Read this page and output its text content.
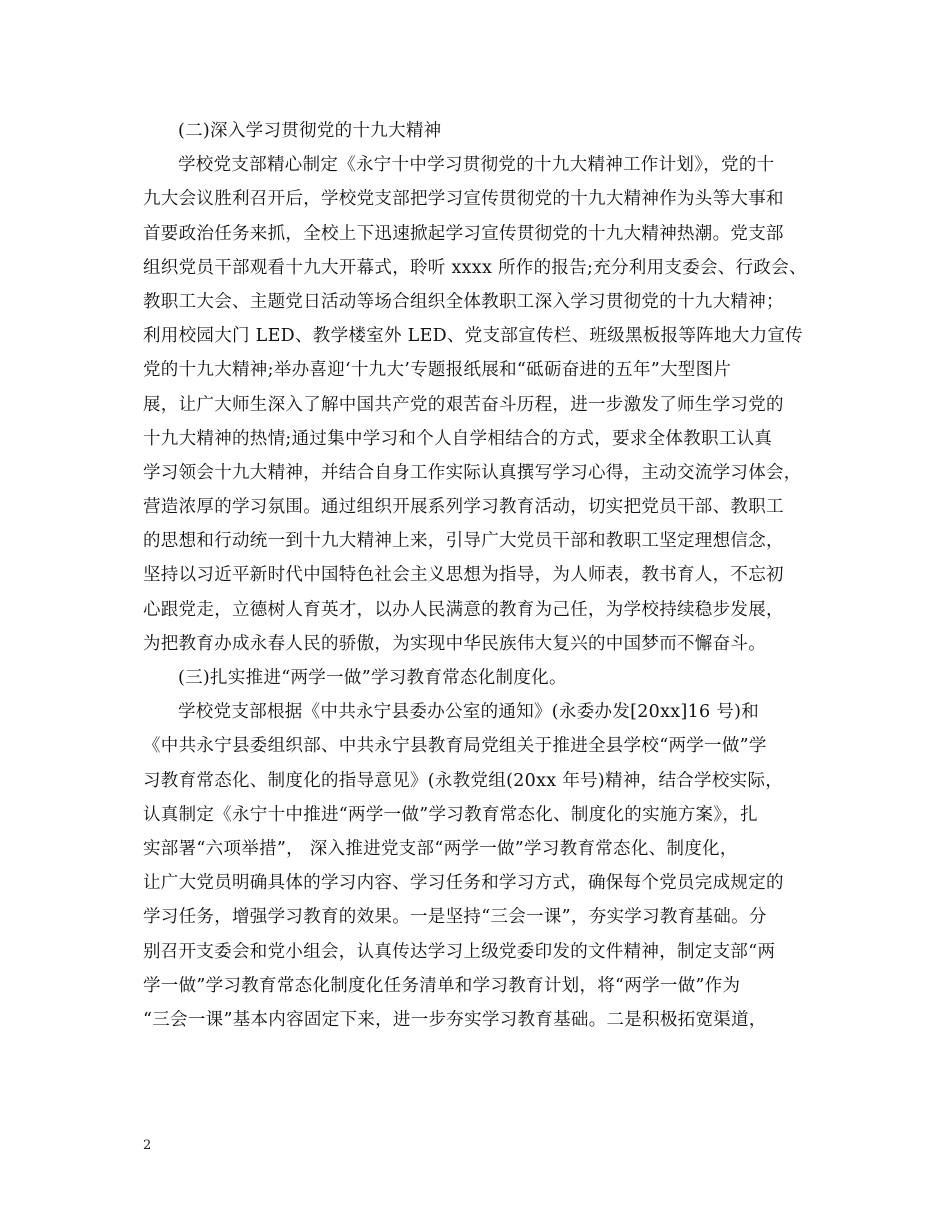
(二)深入学习贯彻党的十九大精神
学校党支部精心制定《永宁十中学习贯彻党的十九大精神工作计划》，党的十
九大会议胜利召开后，学校党支部把学习宣传贯彻党的十九大精神作为头等大事和
首要政治任务来抓，全校上下迅速掀起学习宣传贯彻党的十九大精神热潮。党支部
组织党员干部观看十九大开幕式，聆听 xxxx 所作的报告;充分利用支委会、行政会、
教职工大会、主题党日活动等场合组织全体教职工深入学习贯彻党的十九大精神；
利用校园大门 LED、教学楼室外 LED、党支部宣传栏、班级黑板报等阵地大力宣传
党的十九大精神;举办喜迎‘十九大’专题报纸展和“砥砺奋进的五年”大型图片
展，让广大师生深入了解中国共产党的艰苦奋斗历程，进一步激发了师生学习党的
十九大精神的热情;通过集中学习和个人自学相结合的方式，要求全体教职工认真
学习领会十九大精神，并结合自身工作实际认真撰写学习心得，主动交流学习体会，
营造浓厚的学习氛围。通过组织开展系列学习教育活动，切实把党员干部、教职工
的思想和行动统一到十九大精神上来，引导广大党员干部和教职工坚定理想信念，
坚持以习近平新时代中国特色社会主义思想为指导，为人师表，教书育人，不忘初
心跟党走，立德树人育英才，以办人民满意的教育为己任，为学校持续稳步发展，
为把教育办成永春人民的骄傲，为实现中华民族伟大复兴的中国梦而不懈奋斗。
(三)扎实推进“两学一做”学习教育常态化制度化。
学校党支部根据《中共永宁县委办公室的通知》(永委办发[20xx]16 号)和
《中共永宁县委组织部、中共永宁县教育局党组关于推进全县学校“两学一做”学
习教育常态化、制度化的指导意见》(永教党组(20xx 年号)精神，结合学校实际，
认真制定《永宁十中推进“两学一做”学习教育常态化、制度化的实施方案》，扎
实部署“六项举措”， 深入推进党支部“两学一做”学习教育常态化、制度化，
让广大党员明确具体的学习内容、学习任务和学习方式，确保每个党员完成规定的
学习任务，增强学习教育的效果。一是坚持“三会一课”，夯实学习教育基础。分
别召开支委会和党小组会，认真传达学习上级党委印发的文件精神，制定支部“两
学一做”学习教育常态化制度化任务清单和学习教育计划，将“两学一做”作为
“三会一课”基本内容固定下来，进一步夯实学习教育基础。二是积极拓宽渠道，
2
